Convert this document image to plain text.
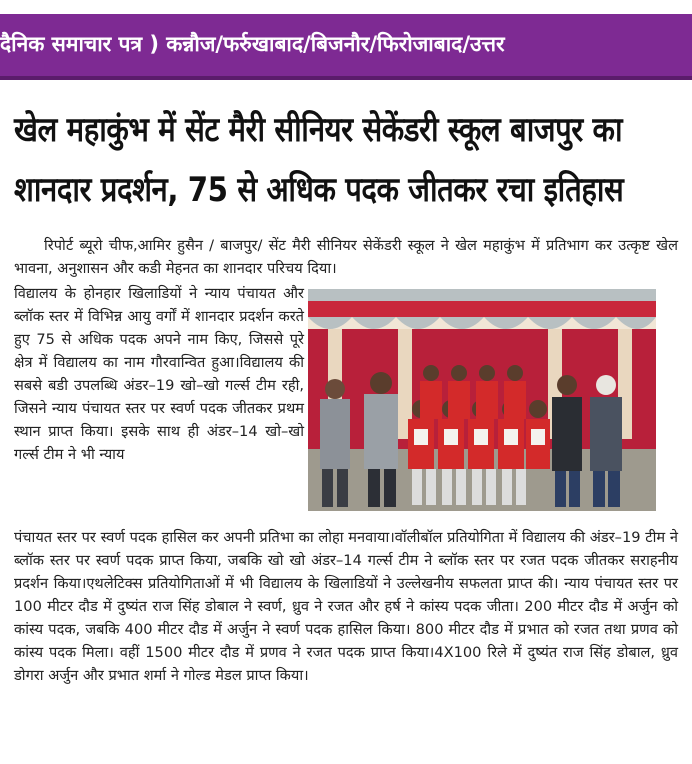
दैनिक समाचार पत्र ) कन्नौज/फर्रुखाबाद/बिजनौर/फिरोजाबाद/उत्तर
खेल महाकुंभ में सेंट मैरी सीनियर सेकेंडरी स्कूल बाजपुर का
शानदार प्रदर्शन, 75 से अधिक पदक जीतकर रचा इतिहास
रिपोर्ट ब्यूरो चीफ,आमिर हुसैन / बाजपुर/ सेंट मैरी सीनियर सेकेंडरी स्कूल ने खेल महाकुंभ में प्रतिभाग कर उत्कृष्ट खेल भावना, अनुशासन और कडी मेहनत का शानदार परिचय दिया।
विद्यालय के होनहार खिलाडियों ने न्याय पंचायत और ब्लॉक स्तर में विभिन्न आयु वर्गों में शानदार प्रदर्शन करते हुए 75 से अधिक पदक अपने नाम किए, जिससे पूरे क्षेत्र में विद्यालय का नाम गौरवान्वित हुआ।विद्यालय की सबसे बडी उपलब्धि अंडर–19 खो–खो गर्ल्स टीम रही, जिसने न्याय पंचायत स्तर पर स्वर्ण पदक जीतकर प्रथम स्थान प्राप्त किया। इसके साथ ही अंडर–14 खो–खो गर्ल्स टीम ने भी न्याय
पंचायत स्तर पर स्वर्ण पदक हासिल कर अपनी प्रतिभा का लोहा मनवाया।वॉलीबॉल प्रतियोगिता में विद्यालय की अंडर–19 टीम ने ब्लॉक स्तर पर स्वर्ण पदक प्राप्त किया, जबकि खो खो अंडर–14 गर्ल्स टीम ने ब्लॉक स्तर पर रजत पदक जीतकर सराहनीय प्रदर्शन किया।एथलेटिक्स प्रतियोगिताओं में भी विद्यालय के खिलाडियों ने उल्लेखनीय सफलता प्राप्त की। न्याय पंचायत स्तर पर 100 मीटर दौड में दुष्यंत राज सिंह डोबाल ने स्वर्ण, ध्रुव ने रजत और हर्ष ने कांस्य पदक जीता। 200 मीटर दौड में अर्जुन को कांस्य पदक, जबकि 400 मीटर दौड में अर्जुन ने स्वर्ण पदक हासिल किया। 800 मीटर दौड में प्रभात को रजत तथा प्रणव को कांस्य पदक मिला। वहीं 1500 मीटर दौड में प्रणव ने रजत पदक प्राप्त किया।4X100 रिले में दुष्यंत राज सिंह डोबाल, ध्रुव डोगरा अर्जुन और प्रभात शर्मा ने गोल्ड मेडल प्राप्त किया।
